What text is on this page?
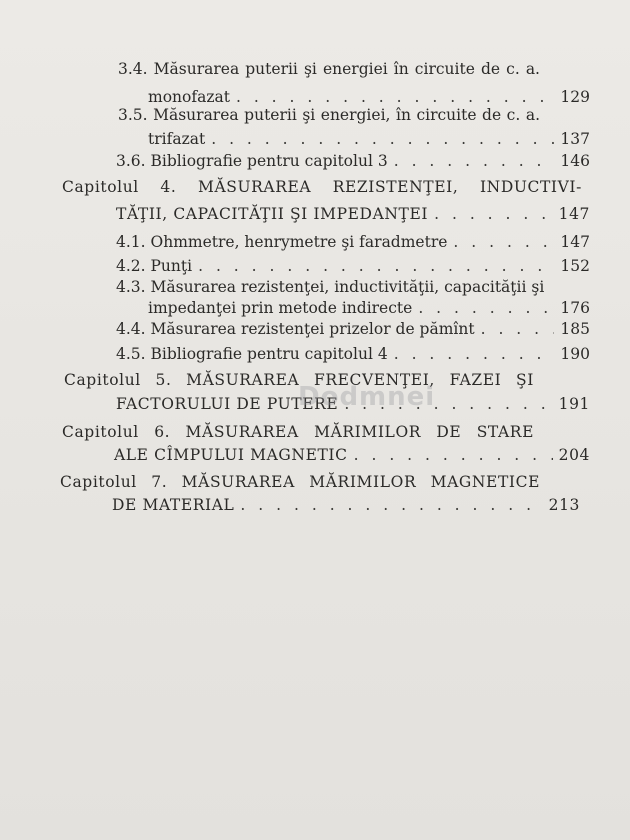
3.4. Măsurarea puterii şi energiei în circuite de c. a.
monofazat . . .	129
3.5. Măsurarea puterii şi energiei, în circuite de c. a.
trifazat . . .	137
3.6. Bibliografie pentru capitolul 3 . . .	146
Capitolul 4. MĂSURAREA REZISTENŢEI, INDUCTIVI-
TĂŢII, CAPACITĂŢII ŞI IMPEDANŢEI . . .	147
4.1. Ohmmetre, henrymetre şi faradmetre . . .	147
4.2. Punţi . . .	152
4.3. Măsurarea rezistenţei, inductivităţii, capacităţii şi
impedanţei prin metode indirecte . . .	176
4.4. Măsurarea rezistenţei prizelor de pămînt . . .	185
4.5. Bibliografie pentru capitolul 4 . . .	190
Capitolul 5. MĂSURAREA FRECVENŢEI, FAZEI ŞI
FACTORULUI DE PUTERE . . .	191
Capitolul 6. MĂSURAREA MĂRIMILOR DE STARE
ALE CÎMPULUI MAGNETIC . . .	204
Capitolul 7. MĂSURAREA MĂRIMILOR MAGNETICE
DE MATERIAL . . .	213
Dodmnei
